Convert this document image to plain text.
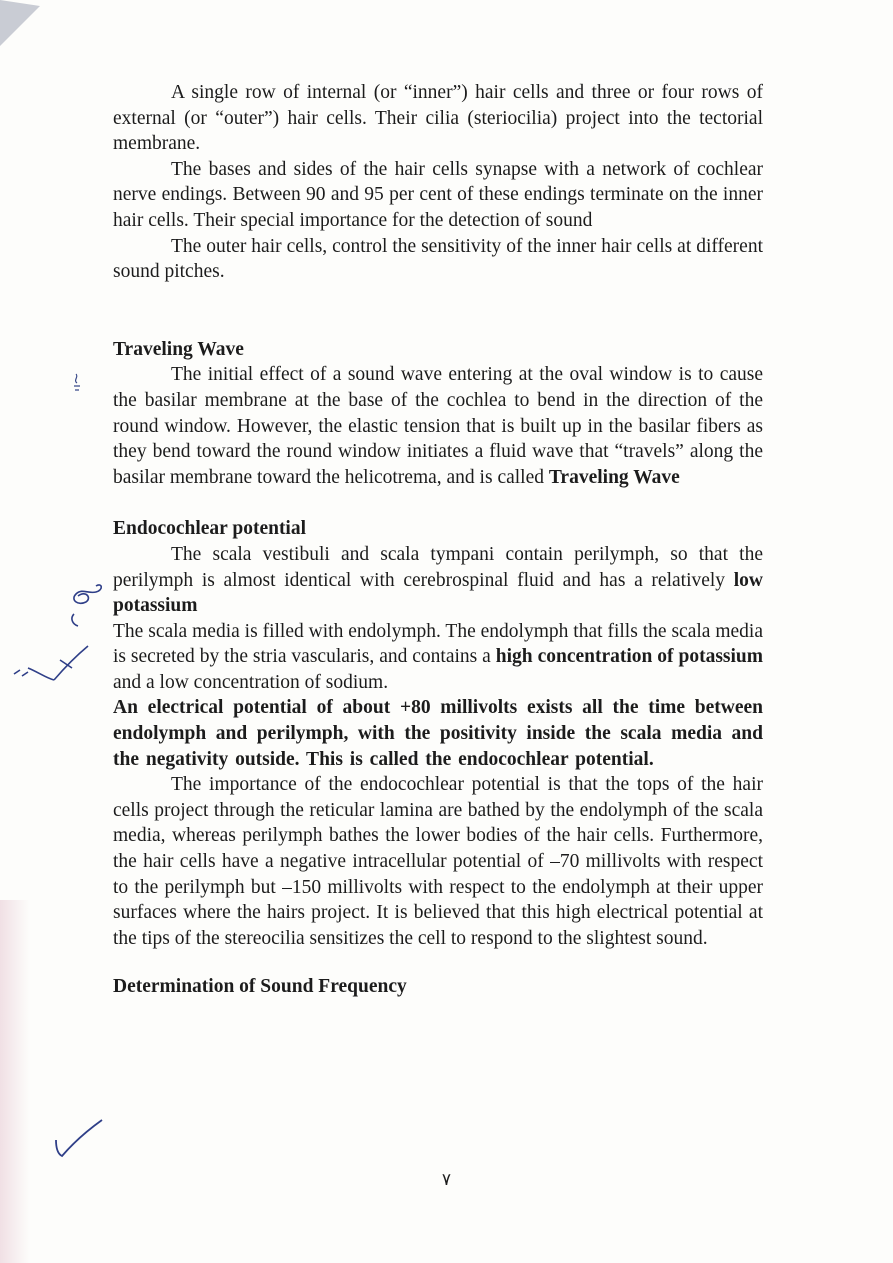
A single row of internal (or “inner”) hair cells and three or four rows of external (or “outer”) hair cells. Their cilia (steriocilia) project into the tectorial membrane.

The bases and sides of the hair cells synapse with a network of cochlear nerve endings. Between 90 and 95 per cent of these endings terminate on the inner hair cells. Their special importance for the detection of sound

The outer hair cells, control the sensitivity of the inner hair cells at different sound pitches.

Traveling Wave

The initial effect of a sound wave entering at the oval window is to cause the basilar membrane at the base of the cochlea to bend in the direction of the round window. However, the elastic tension that is built up in the basilar fibers as they bend toward the round window initiates a fluid wave that “travels” along the basilar membrane toward the helicotrema, and is called Traveling Wave

Endocochlear potential

The scala vestibuli and scala tympani contain perilymph, so that the perilymph is almost identical with cerebrospinal fluid and has a relatively low potassium

The scala media is filled with endolymph. The endolymph that fills the scala media is secreted by the stria vascularis, and contains a high concentration of potassium and a low concentration of sodium.

An electrical potential of about +80 millivolts exists all the time between endolymph and perilymph, with the positivity inside the scala media and the negativity outside. This is called the endocochlear potential.

The importance of the endocochlear potential is that the tops of the hair cells project through the reticular lamina are bathed by the endolymph of the scala media, whereas perilymph bathes the lower bodies of the hair cells. Furthermore, the hair cells have a negative intracellular potential of –70 millivolts with respect to the perilymph but –150 millivolts with respect to the endolymph at their upper surfaces where the hairs project. It is believed that this high electrical potential at the tips of the stereocilia sensitizes the cell to respond to the slightest sound.

Determination of Sound Frequency

٧
